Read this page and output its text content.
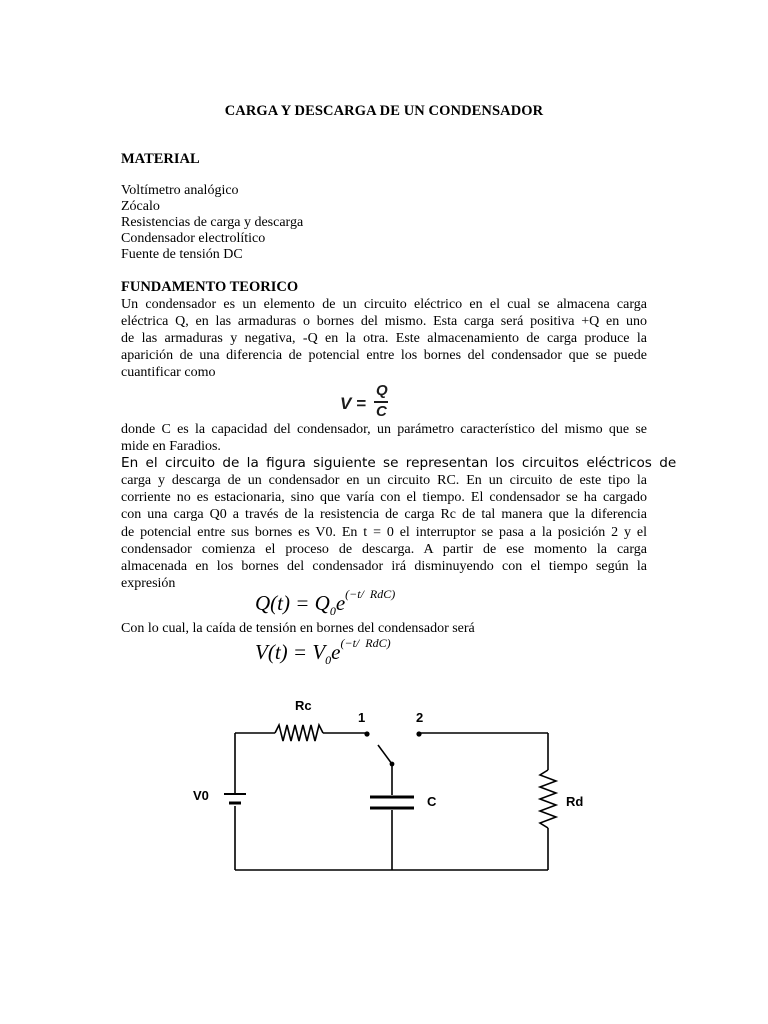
CARGA Y DESCARGA DE UN CONDENSADOR
MATERIAL
Voltímetro analógico
Zócalo
Resistencias de carga y descarga
Condensador electrolítico
Fuente de tensión DC
FUNDAMENTO TEORICO
Un condensador es un elemento de un circuito eléctrico en el cual se almacena carga
eléctrica Q, en las armaduras o bornes del mismo. Esta carga será positiva +Q en uno
de las armaduras y negativa, -Q en la otra. Este almacenamiento de carga produce la
aparición de una diferencia de potencial entre los bornes del condensador que se puede
cuantificar como
V =
Q
C
donde C es la capacidad del condensador, un parámetro característico del mismo que se
mide en Faradios.
En el circuito de la figura siguiente se representan los circuitos eléctricos de
carga y descarga de un condensador en un circuito RC. En un circuito de este tipo la
corriente no es estacionaria, sino que varía con el tiempo. El condensador se ha cargado
con una carga Q0 a través de la resistencia de carga Rc de tal manera que la diferencia
de potencial entre sus bornes es V0. En t = 0 el interruptor se pasa a la posición 2 y el
condensador comienza el proceso de descarga. A partir de ese momento la carga
almacenada en los bornes del condensador irá disminuyendo con el tiempo según la
expresión
$Q(t) = Q_0e^{(-t/ RdC)}$
Con lo cual, la caída de tensión en bornes del condensador será
$V(t) = V_0e^{(-t/ RdC)}$
Rc
1	2
V0	C	Rd
